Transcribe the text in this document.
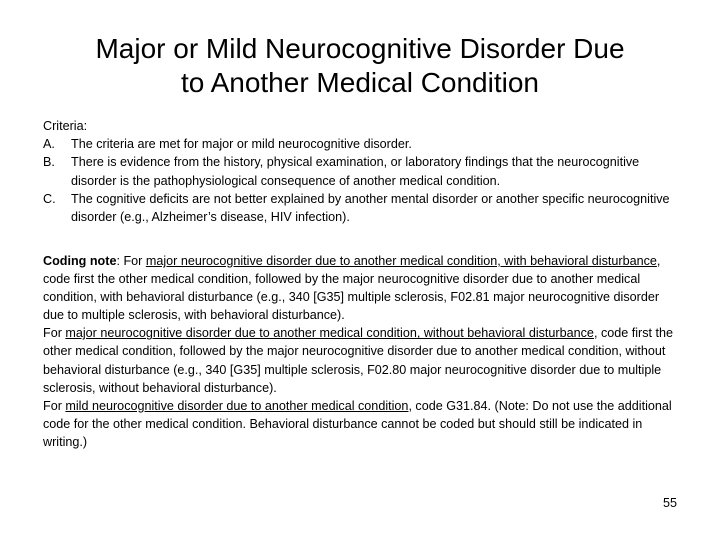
Major or Mild Neurocognitive Disorder Due
to Another Medical Condition
Criteria:
A.	The criteria are met for major or mild neurocognitive disorder.
B.	There is evidence from the history, physical examination, or laboratory findings that the neurocognitive disorder is the pathophysiological consequence of another medical condition.
C.	The cognitive deficits are not better explained by another mental disorder or another specific neurocognitive disorder (e.g., Alzheimer’s disease, HIV infection).

Coding note: For major neurocognitive disorder due to another medical condition, with behavioral disturbance, code first the other medical condition, followed by the major neurocognitive disorder due to another medical condition, with behavioral disturbance (e.g., 340 [G35] multiple sclerosis, F02.81 major neurocognitive disorder due to multiple sclerosis, with behavioral disturbance).

For major neurocognitive disorder due to another medical condition, without behavioral disturbance, code first the other medical condition, followed by the major neurocognitive disorder due to another medical condition, without behavioral disturbance (e.g., 340 [G35] multiple sclerosis, F02.80 major neurocognitive disorder due to multiple sclerosis, without behavioral disturbance).

For mild neurocognitive disorder due to another medical condition, code G31.84. (Note: Do not use the additional code for the other medical condition. Behavioral disturbance cannot be coded but should still be indicated in writing.)

55
